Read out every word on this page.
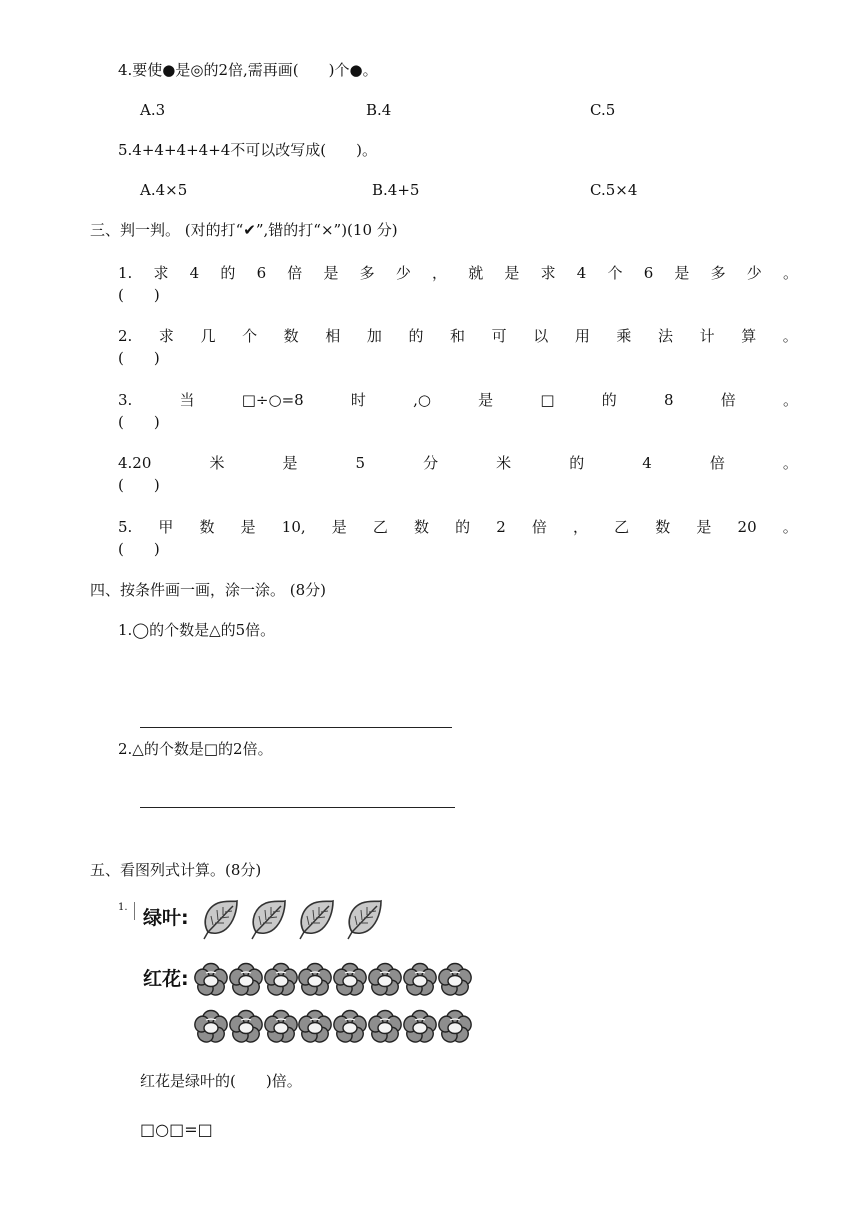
4.要使●是◎的2倍,需再画(　　)个●。
A.3	B.4	C.5
5.4+4+4+4+4不可以改写成(　　)。
A.4×5	B.4+5	C.5×4
三、判一判。 (对的打“✔”,错的打“×”)(10 分)
1. 求 4 的 6 倍 是 多 少 ， 就 是 求 4 个 6 是 多 少 。
(　　)
2. 求 几 个 数 相 加 的 和 可 以 用 乘 法 计 算 。
(　　)
3.	当	□÷○=8	时	,○	是	□	的	8	倍	。
(　　)
4.20	米	是	5	分	米	的	4	倍	。
(　　)
5. 甲 数 是 10, 是 乙 数 的 2 倍 ， 乙 数 是 20 。
(　　)
四、按条件画一画，涂一涂。 (8分)
1.◯的个数是△的5倍。
2.△的个数是□的2倍。
五、看图列式计算。(8分)
1. 绿叶:
红花:
红花是绿叶的(　　)倍。
□○□=□
